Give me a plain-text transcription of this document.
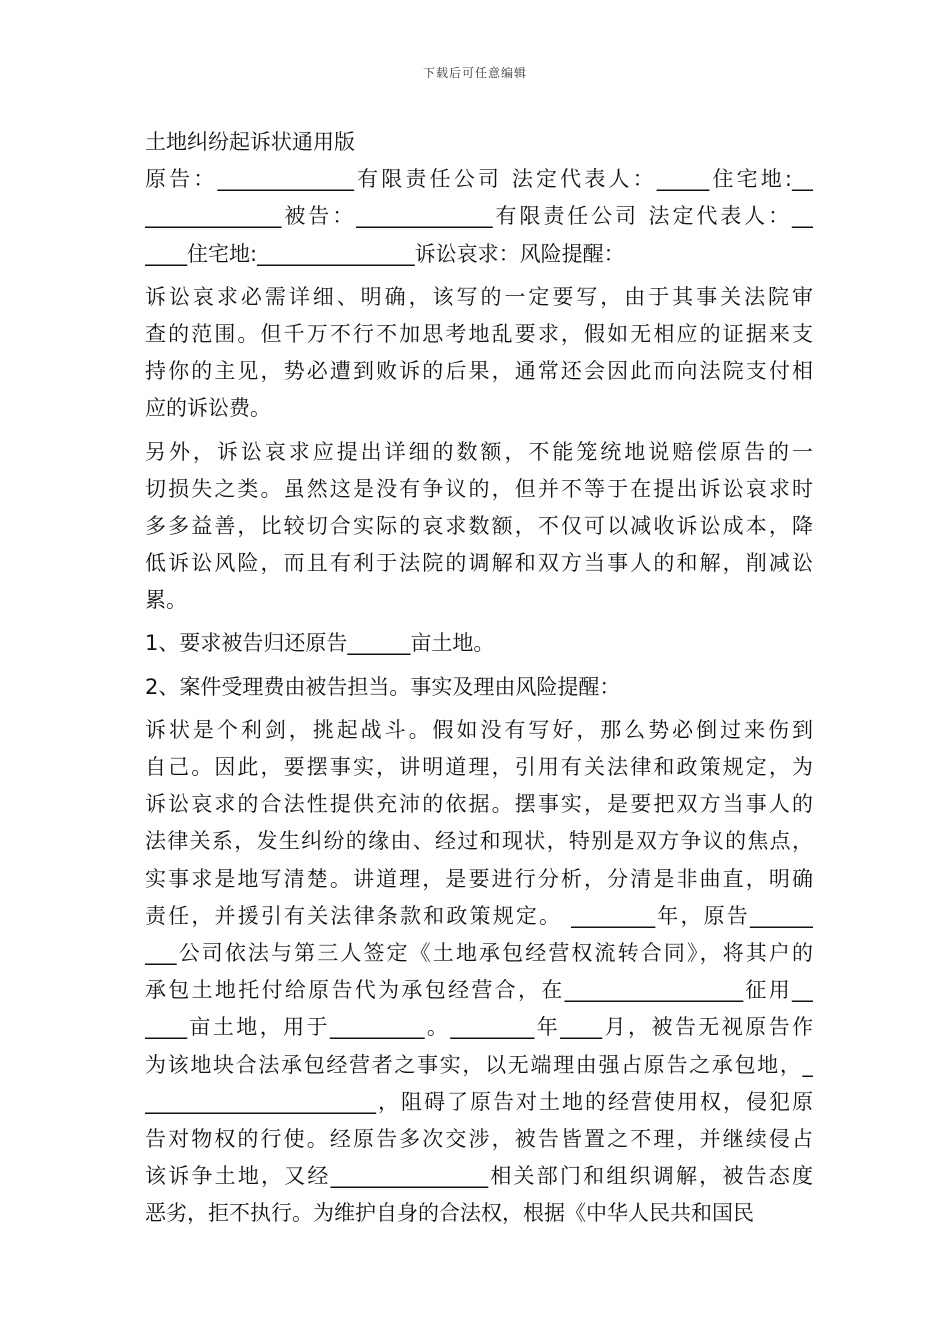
下载后可任意编辑
土地纠纷起诉状通用版
原告：_____________有限责任公司 法定代表人：_____住宅地:__
_____________被告：_____________有限责任公司 法定代表人：__
____住宅地:_______________诉讼哀求：风险提醒：
诉讼哀求必需详细、明确，该写的一定要写，由于其事关法院审
查的范围。但千万不行不加思考地乱要求，假如无相应的证据来支
持你的主见，势必遭到败诉的后果，通常还会因此而向法院支付相
应的诉讼费。
另外，诉讼哀求应提出详细的数额，不能笼统地说赔偿原告的一
切损失之类。虽然这是没有争议的，但并不等于在提出诉讼哀求时
多多益善，比较切合实际的哀求数额，不仅可以减收诉讼成本，降
低诉讼风险，而且有利于法院的调解和双方当事人的和解，削减讼
累。
1、要求被告归还原告______亩土地。
2、案件受理费由被告担当。事实及理由风险提醒：
诉状是个利剑，挑起战斗。假如没有写好，那么势必倒过来伤到
自己。因此，要摆事实，讲明道理，引用有关法律和政策规定，为
诉讼哀求的合法性提供充沛的依据。摆事实，是要把双方当事人的
法律关系，发生纠纷的缘由、经过和现状，特别是双方争议的焦点，
实事求是地写清楚。讲道理，是要进行分析，分清是非曲直，明确
责任，并援引有关法律条款和政策规定。 ________年，原告______
___公司依法与第三人签定《土地承包经营权流转合同》，将其户的
承包土地托付给原告代为承包经营合，在_________________征用__
____亩土地，用于_________。________年____月，被告无视原告作
为该地块合法承包经营者之事实，以无端理由强占原告之承包地，_
______________________，阻碍了原告对土地的经营使用权，侵犯原
告对物权的行使。经原告多次交涉，被告皆置之不理，并继续侵占
该诉争土地，又经_______________相关部门和组织调解，被告态度
恶劣，拒不执行。为维护自身的合法权，根据《中华人民共和国民
